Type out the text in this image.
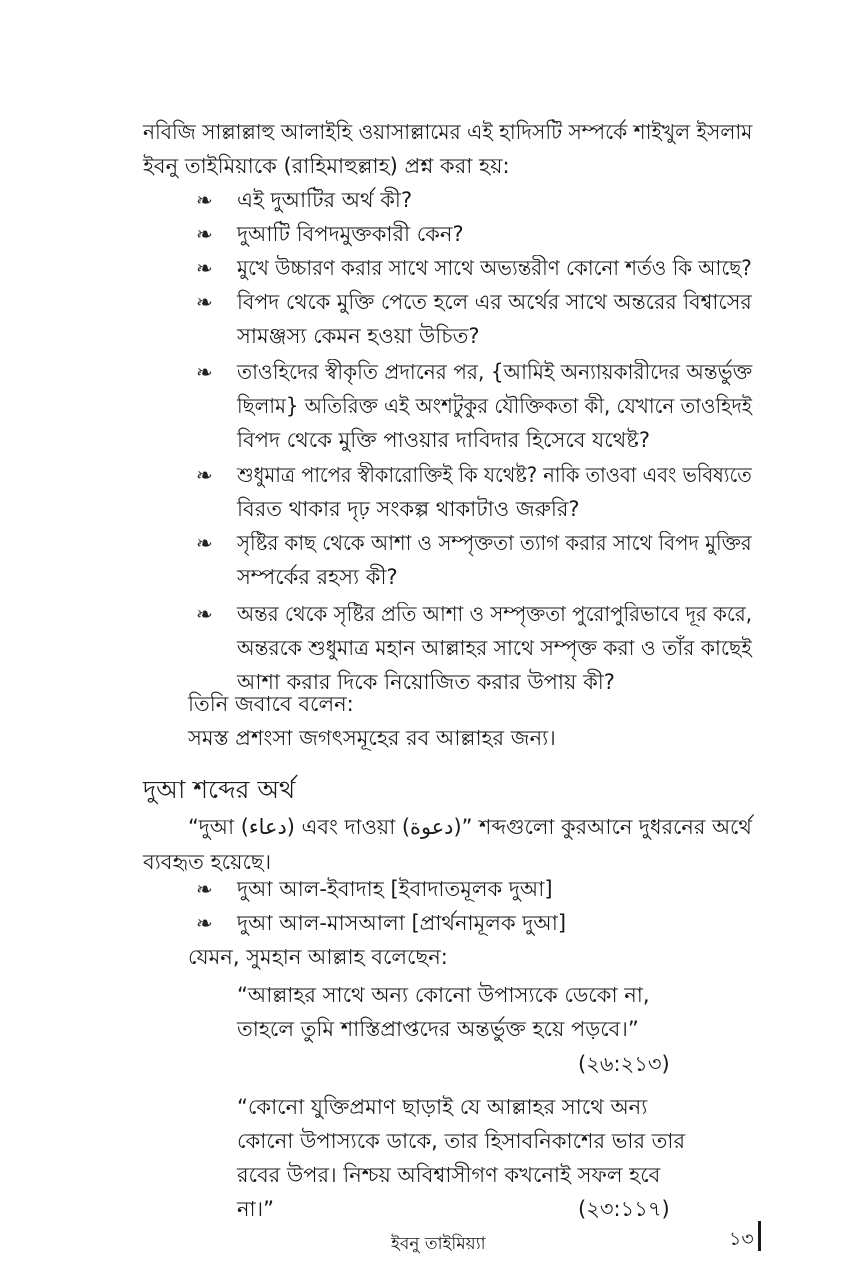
নবিজি সাল্লাল্লাহু আলাইহি ওয়াসাল্লামের এই হাদিসটি সম্পর্কে শাইখুল ইসলাম
ইবনু তাইমিয়াকে (রাহিমাহুল্লাহ) প্রশ্ন করা হয়:
❧ এই দুআটির অর্থ কী?
❧ দুআটি বিপদমুক্তকারী কেন?
❧ মুখে উচ্চারণ করার সাথে সাথে অভ্যন্তরীণ কোনো শর্তও কি আছে?
❧ বিপদ থেকে মুক্তি পেতে হলে এর অর্থের সাথে অন্তরের বিশ্বাসের
সামঞ্জস্য কেমন হওয়া উচিত?
❧ তাওহিদের স্বীকৃতি প্রদানের পর, {আমিই অন্যায়কারীদের অন্তর্ভুক্ত
ছিলাম} অতিরিক্ত এই অংশটুকুর যৌক্তিকতা কী, যেখানে তাওহিদই
বিপদ থেকে মুক্তি পাওয়ার দাবিদার হিসেবে যথেষ্ট?
❧ শুধুমাত্র পাপের স্বীকারোক্তিই কি যথেষ্ট? নাকি তাওবা এবং ভবিষ্যতে
বিরত থাকার দৃঢ় সংকল্প থাকাটাও জরুরি?
❧ সৃষ্টির কাছ থেকে আশা ও সম্পৃক্ততা ত্যাগ করার সাথে বিপদ মুক্তির
সম্পর্কের রহস্য কী?
❧ অন্তর থেকে সৃষ্টির প্রতি আশা ও সম্পৃক্ততা পুরোপুরিভাবে দূর করে,
অন্তরকে শুধুমাত্র মহান আল্লাহর সাথে সম্পৃক্ত করা ও তাঁর কাছেই
আশা করার দিকে নিয়োজিত করার উপায় কী?
তিনি জবাবে বলেন:
সমস্ত প্রশংসা জগৎসমূহের রব আল্লাহর জন্য।
দুআ শব্দের অর্থ
“দুআ (دعاء) এবং দাওয়া (دعوة)” শব্দগুলো কুরআনে দুধরনের অর্থে
ব্যবহৃত হয়েছে।
❧ দুআ আল-ইবাদাহ [ইবাদাতমূলক দুআ]
❧ দুআ আল-মাসআলা [প্রার্থনামূলক দুআ]
যেমন, সুমহান আল্লাহ বলেছেন:
“আল্লাহর সাথে অন্য কোনো উপাস্যকে ডেকো না,
তাহলে তুমি শাস্তিপ্রাপ্তদের অন্তর্ভুক্ত হয়ে পড়বে।”
(২৬:২১৩)
“কোনো যুক্তিপ্রমাণ ছাড়াই যে আল্লাহর সাথে অন্য
কোনো উপাস্যকে ডাকে, তার হিসাবনিকাশের ভার তার
রবের উপর। নিশ্চয় অবিশ্বাসীগণ কখনোই সফল হবে
না।”	(২৩:১১৭)
ইবনু তাইমিয়্যা	১৩
